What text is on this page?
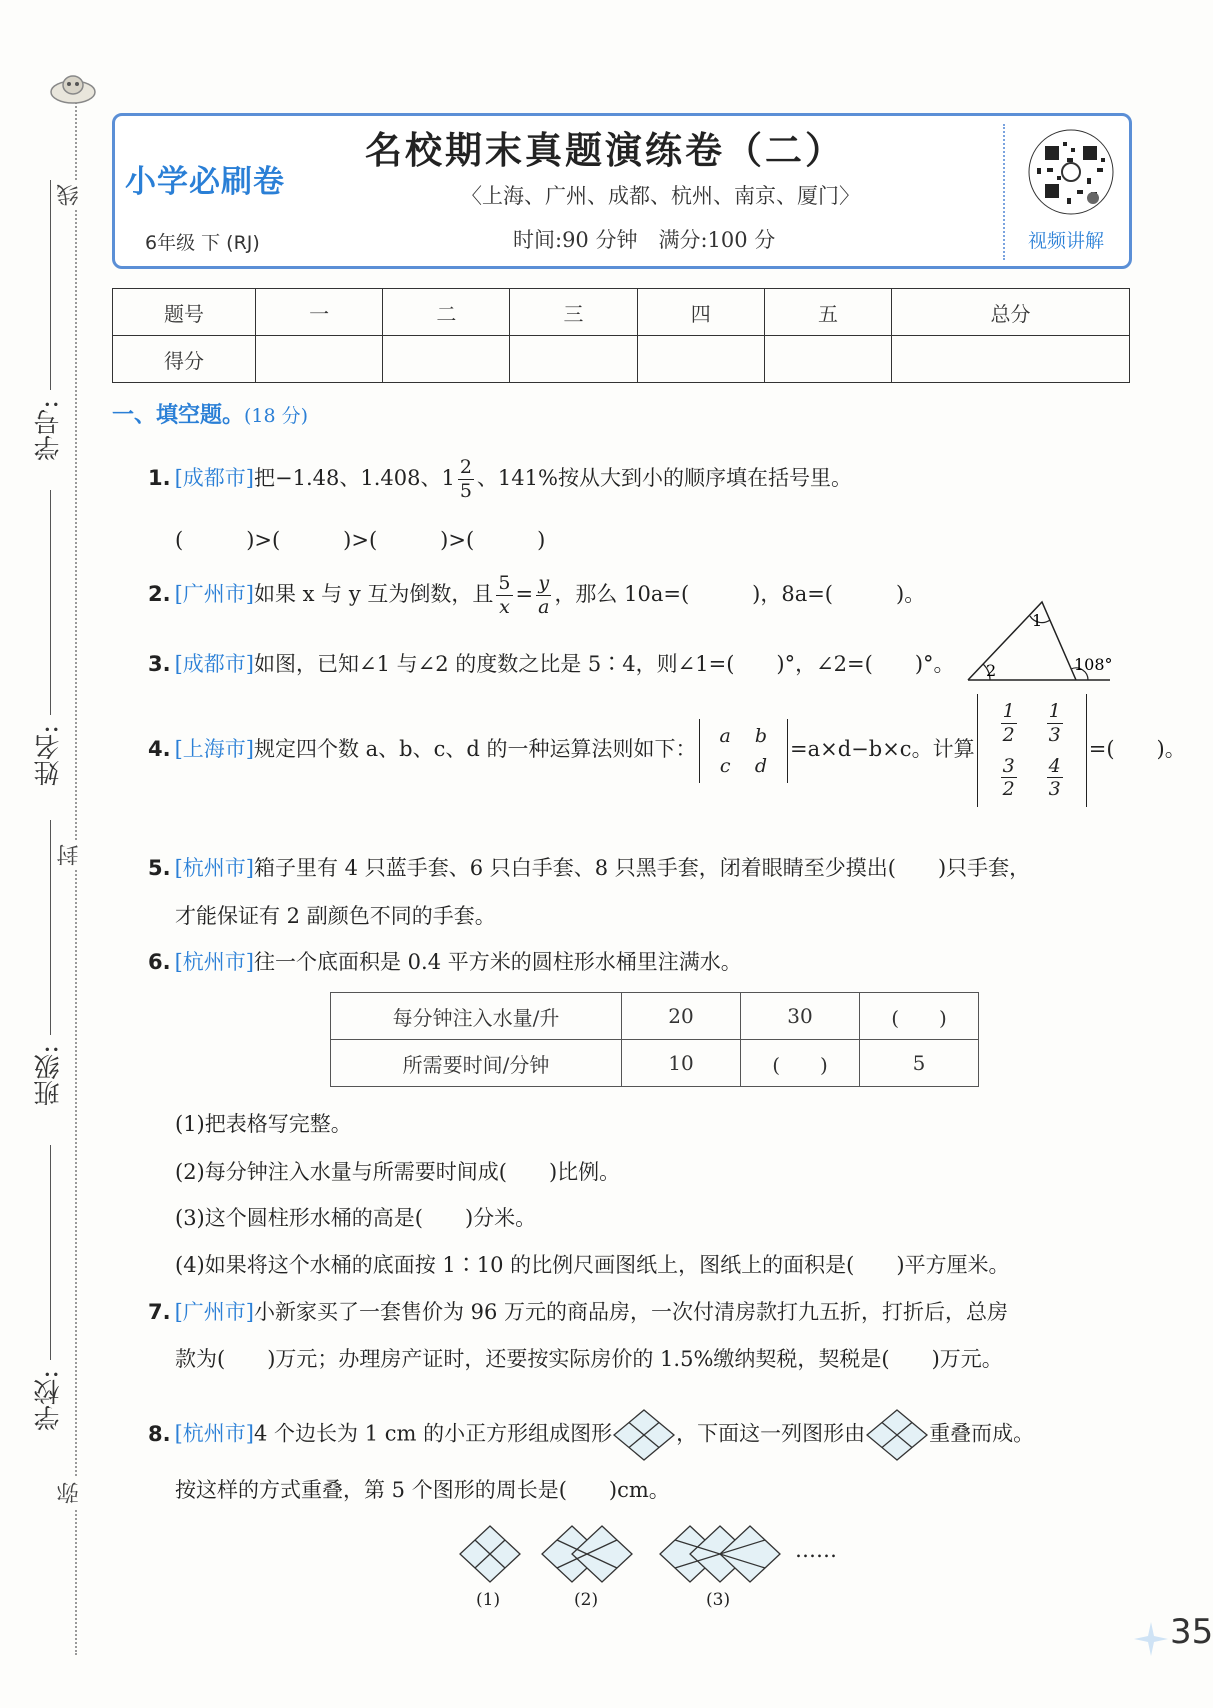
线
封
弥
学号:
姓名:
班级:
学校:
小学必刷卷
6年级 下 (RJ)
名校期末真题演练卷（二）
〈上海、广州、成都、杭州、南京、厦门〉
时间:90 分钟　满分:100 分	视频讲解
题号	一	二	三	四	五	总分
得分						
一、填空题。(18 分)
1. [成都市]把−1.48、1.408、$1 \frac{2}{5}$ 、141%按从大到小的顺序填在括号里。
(　　　)>(　　　)>(　　　)>(　　　)
2. [广州市]如果 x 与 y 互为倒数，且 $\frac{5}{x} = \frac{y}{a}$ ，那么 10a=(　　　)，8a=(　　　)。
3. [成都市]如图，已知∠1 与∠2 的度数之比是 5∶4，则∠1=(　　)°，∠2=(　　)°。
1
2	108°
4. [上海市]规定四个数 a、b、c、d 的一种运算法则如下：
a	b
c	d
=a×d−b×c。计算
$\frac{1}{2}$	$\frac{1}{3}$

$\frac{3}{2}$	$\frac{4}{3}$
=(　　)。
5. [杭州市]箱子里有 4 只蓝手套、6 只白手套、8 只黑手套，闭着眼睛至少摸出(　　)只手套，
才能保证有 2 副颜色不同的手套。
6. [杭州市]往一个底面积是 0.4 平方米的圆柱形水桶里注满水。
每分钟注入水量/升	20	30	(　　)
所需要时间/分钟	10	(　　)	5
(1)把表格写完整。
(2)每分钟注入水量与所需要时间成(　　)比例。
(3)这个圆柱形水桶的高是(　　)分米。
(4)如果将这个水桶的底面按 1∶10 的比例尺画图纸上，图纸上的面积是(　　)平方厘米。
7. [广州市]小新家买了一套售价为 96 万元的商品房，一次付清房款打九五折，打折后，总房
款为(　　)万元；办理房产证时，还要按实际房价的 1.5%缴纳契税，契税是(　　)万元。
8. [杭州市]4 个边长为 1 cm 的小正方形组成图形	，下面这一列图形由	重叠而成。
按这样的方式重叠，第 5 个图形的周长是(　　)cm。
……
(1)	(2)	(3)
35
